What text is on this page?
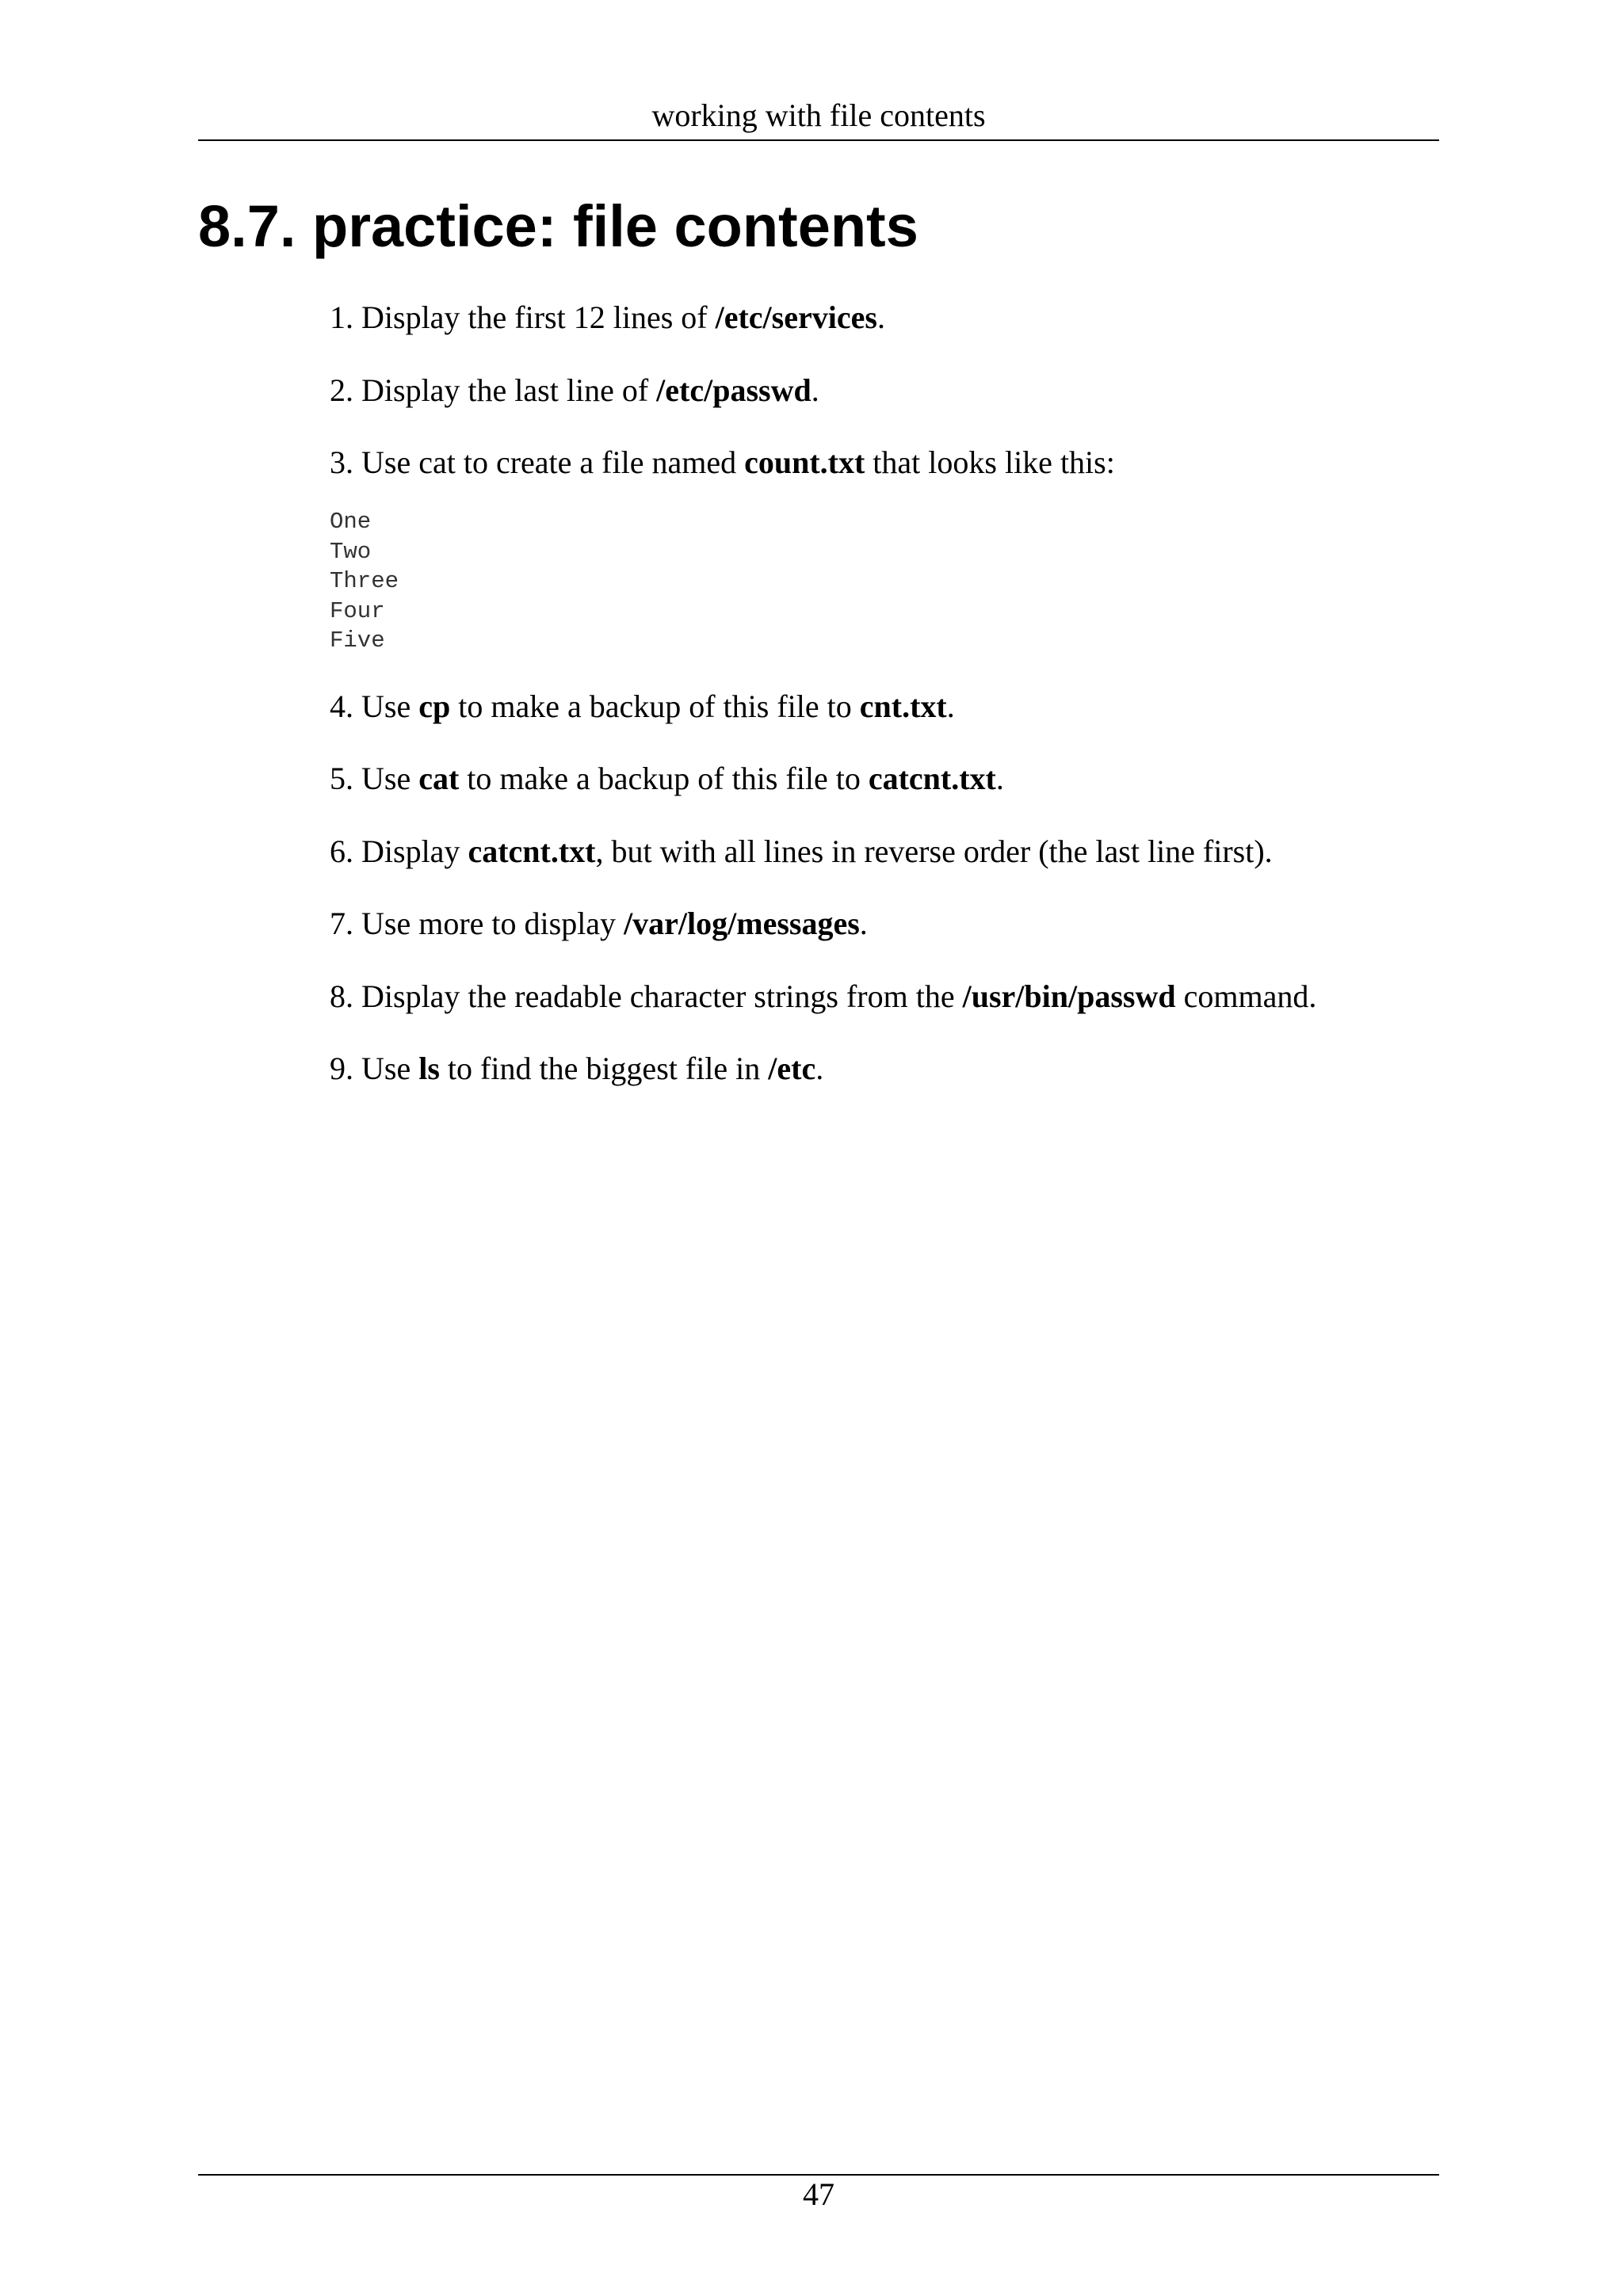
working with file contents
8.7. practice: file contents

1. Display the first 12 lines of /etc/services.

2. Display the last line of /etc/passwd.

3. Use cat to create a file named count.txt that looks like this:

One
Two
Three
Four
Five

4. Use cp to make a backup of this file to cnt.txt.

5. Use cat to make a backup of this file to catcnt.txt.

6. Display catcnt.txt, but with all lines in reverse order (the last line first).

7. Use more to display /var/log/messages.

8. Display the readable character strings from the /usr/bin/passwd command.

9. Use ls to find the biggest file in /etc.

47
